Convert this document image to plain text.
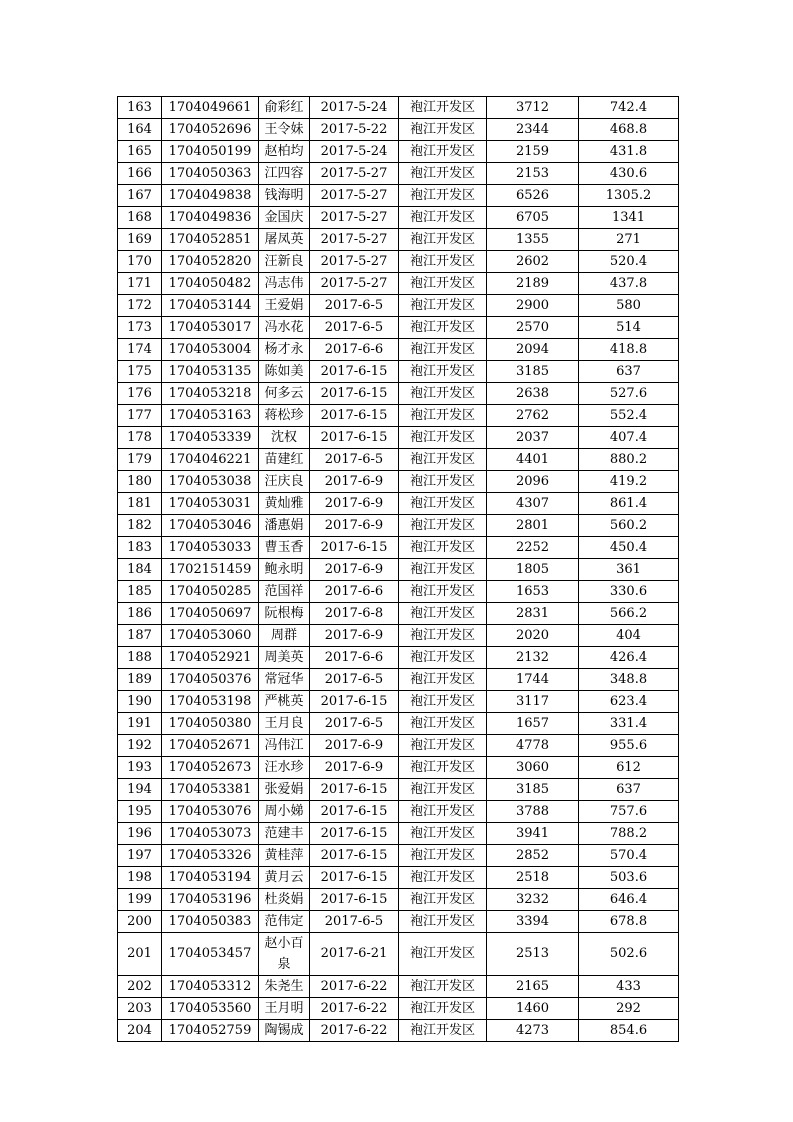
163	1704049661	俞彩红	2017-5-24	袍江开发区	3712	742.4
164	1704052696	王令妹	2017-5-22	袍江开发区	2344	468.8
165	1704050199	赵柏均	2017-5-24	袍江开发区	2159	431.8
166	1704050363	江四容	2017-5-27	袍江开发区	2153	430.6
167	1704049838	钱海明	2017-5-27	袍江开发区	6526	1305.2
168	1704049836	金国庆	2017-5-27	袍江开发区	6705	1341
169	1704052851	屠凤英	2017-5-27	袍江开发区	1355	271
170	1704052820	汪新良	2017-5-27	袍江开发区	2602	520.4
171	1704050482	冯志伟	2017-5-27	袍江开发区	2189	437.8
172	1704053144	王爱娟	2017-6-5	袍江开发区	2900	580
173	1704053017	冯水花	2017-6-5	袍江开发区	2570	514
174	1704053004	杨才永	2017-6-6	袍江开发区	2094	418.8
175	1704053135	陈如美	2017-6-15	袍江开发区	3185	637
176	1704053218	何多云	2017-6-15	袍江开发区	2638	527.6
177	1704053163	蒋松珍	2017-6-15	袍江开发区	2762	552.4
178	1704053339	沈权	2017-6-15	袍江开发区	2037	407.4
179	1704046221	苗建红	2017-6-5	袍江开发区	4401	880.2
180	1704053038	汪庆良	2017-6-9	袍江开发区	2096	419.2
181	1704053031	黄灿雅	2017-6-9	袍江开发区	4307	861.4
182	1704053046	潘惠娟	2017-6-9	袍江开发区	2801	560.2
183	1704053033	曹玉香	2017-6-15	袍江开发区	2252	450.4
184	1702151459	鲍永明	2017-6-9	袍江开发区	1805	361
185	1704050285	范国祥	2017-6-6	袍江开发区	1653	330.6
186	1704050697	阮根梅	2017-6-8	袍江开发区	2831	566.2
187	1704053060	周群	2017-6-9	袍江开发区	2020	404
188	1704052921	周美英	2017-6-6	袍江开发区	2132	426.4
189	1704050376	常冠华	2017-6-5	袍江开发区	1744	348.8
190	1704053198	严桃英	2017-6-15	袍江开发区	3117	623.4
191	1704050380	王月良	2017-6-5	袍江开发区	1657	331.4
192	1704052671	冯伟江	2017-6-9	袍江开发区	4778	955.6
193	1704052673	汪水珍	2017-6-9	袍江开发区	3060	612
194	1704053381	张爱娟	2017-6-15	袍江开发区	3185	637
195	1704053076	周小娣	2017-6-15	袍江开发区	3788	757.6
196	1704053073	范建丰	2017-6-15	袍江开发区	3941	788.2
197	1704053326	黄桂萍	2017-6-15	袍江开发区	2852	570.4
198	1704053194	黄月云	2017-6-15	袍江开发区	2518	503.6
199	1704053196	杜炎娟	2017-6-15	袍江开发区	3232	646.4
200	1704050383	范伟定	2017-6-5	袍江开发区	3394	678.8
201	1704053457	赵小百泉	2017-6-21	袍江开发区	2513	502.6
202	1704053312	朱尧生	2017-6-22	袍江开发区	2165	433
203	1704053560	王月明	2017-6-22	袍江开发区	1460	292
204	1704052759	陶锡成	2017-6-22	袍江开发区	4273	854.6
